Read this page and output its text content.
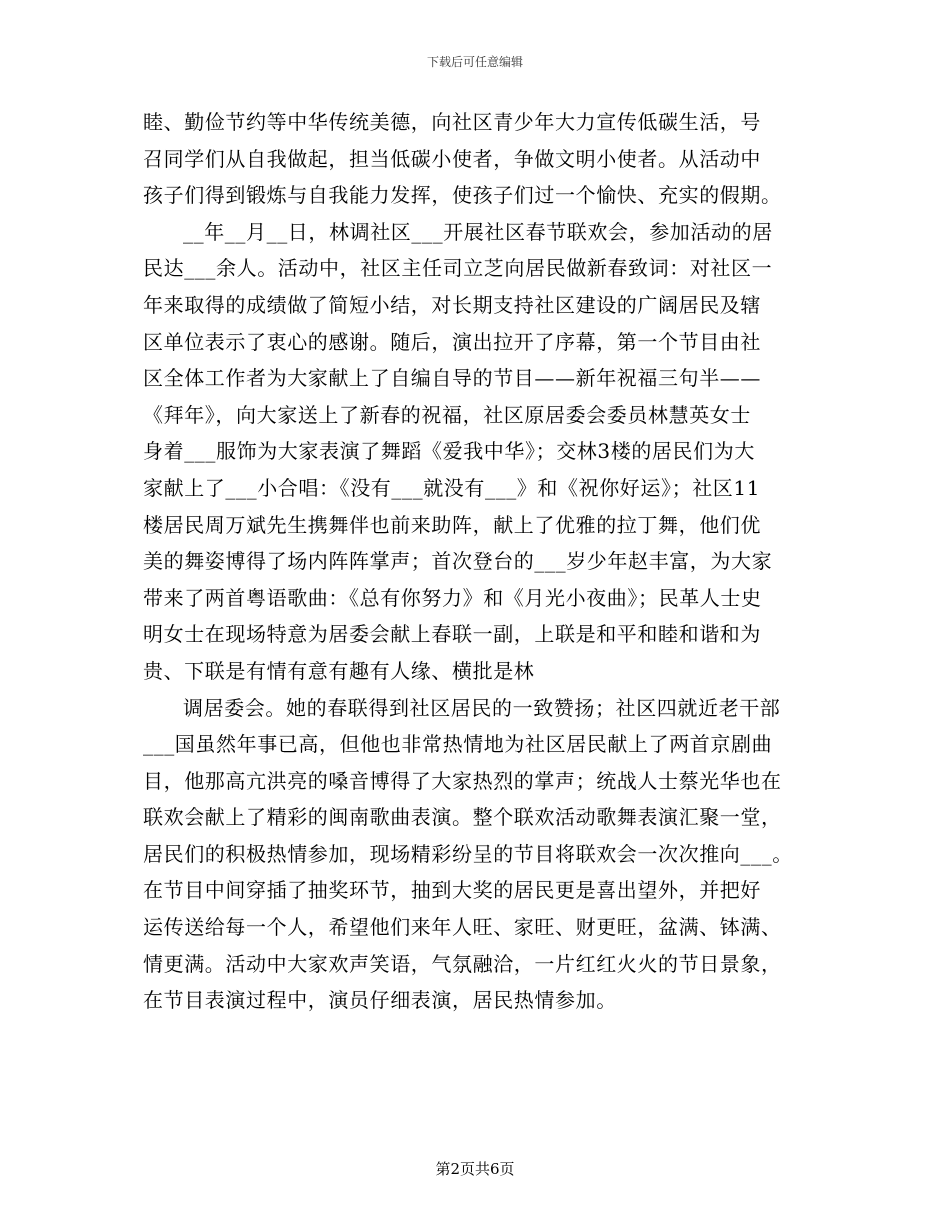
下载后可任意编辑
睦、勤俭节约等中华传统美德，向社区青少年大力宣传低碳生活，号
召同学们从自我做起，担当低碳小使者，争做文明小使者。从活动中
孩子们得到锻炼与自我能力发挥，使孩子们过一个愉快、充实的假期。
__年__月__日，林调社区___开展社区春节联欢会，参加活动的居
民达___余人。活动中，社区主任司立芝向居民做新春致词：对社区一
年来取得的成绩做了简短小结，对长期支持社区建设的广阔居民及辖
区单位表示了衷心的感谢。随后，演出拉开了序幕，第一个节目由社
区全体工作者为大家献上了自编自导的节目——新年祝福三句半——
《拜年》，向大家送上了新春的祝福，社区原居委会委员林慧英女士
身着___服饰为大家表演了舞蹈《爱我中华》；交林3楼的居民们为大
家献上了___小合唱：《没有___就没有___》和《祝你好运》；社区11
楼居民周万斌先生携舞伴也前来助阵，献上了优雅的拉丁舞，他们优
美的舞姿博得了场内阵阵掌声；首次登台的___岁少年赵丰富，为大家
带来了两首粤语歌曲：《总有你努力》和《月光小夜曲》；民革人士史
明女士在现场特意为居委会献上春联一副，上联是和平和睦和谐和为
贵、下联是有情有意有趣有人缘、横批是林
调居委会。她的春联得到社区居民的一致赞扬；社区四就近老干部
___国虽然年事已高，但他也非常热情地为社区居民献上了两首京剧曲
目，他那高亢洪亮的嗓音博得了大家热烈的掌声；统战人士蔡光华也在
联欢会献上了精彩的闽南歌曲表演。整个联欢活动歌舞表演汇聚一堂，
居民们的积极热情参加，现场精彩纷呈的节目将联欢会一次次推向___。
在节目中间穿插了抽奖环节，抽到大奖的居民更是喜出望外，并把好
运传送给每一个人，希望他们来年人旺、家旺、财更旺，盆满、钵满、
情更满。活动中大家欢声笑语，气氛融洽，一片红红火火的节日景象，
在节目表演过程中，演员仔细表演，居民热情参加。
第2页共6页
